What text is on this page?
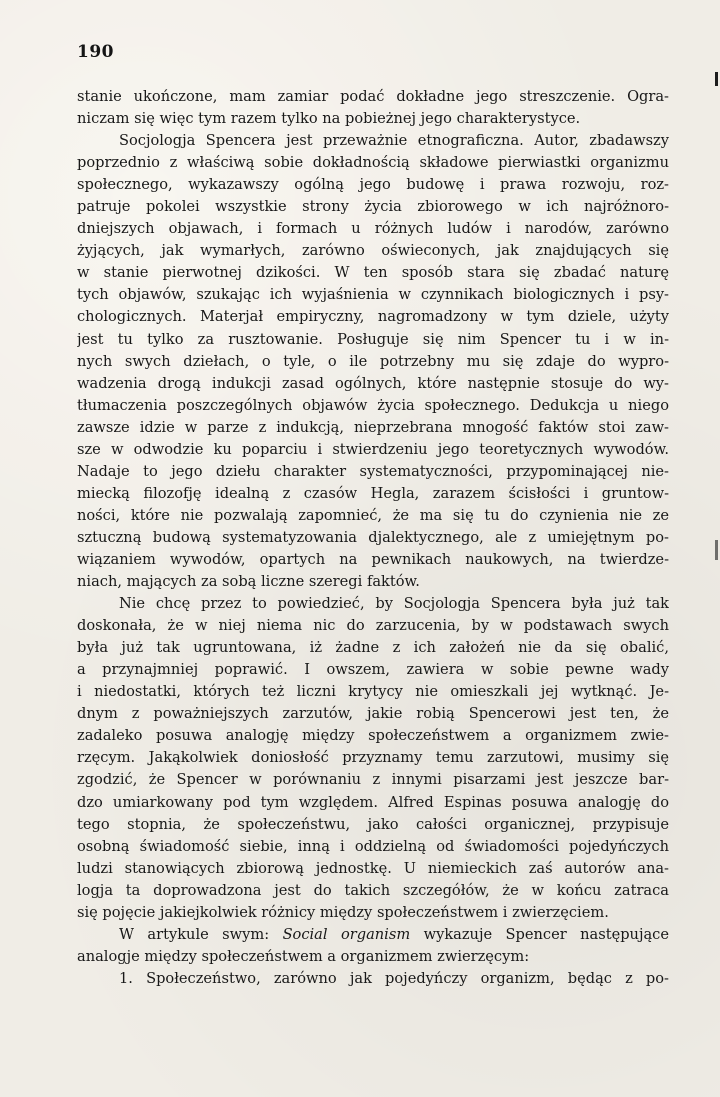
190
stanie ukończone, mam zamiar podać dokładne jego streszczenie. Ogra-
niczam się więc tym razem tylko na pobieżnej jego charakterystyce.
Socjologja Spencera jest przeważnie etnograficzna. Autor, zbadawszy
poprzednio z właściwą sobie dokładnością składowe pierwiastki organizmu
społecznego, wykazawszy ogólną jego budowę i prawa rozwoju, roz-
patruje pokolei wszystkie strony życia zbiorowego w ich najróżnoro-
dniejszych objawach, i formach u różnych ludów i narodów, zarówno
żyjących, jak wymarłych, zarówno oświeconych, jak znajdujących się
w stanie pierwotnej dzikości. W ten sposób stara się zbadać naturę
tych objawów, szukając ich wyjaśnienia w czynnikach biologicznych i psy-
chologicznych. Materjał empiryczny, nagromadzony w tym dziele, użyty
jest tu tylko za rusztowanie. Posługuje się nim Spencer tu i w in-
nych swych dziełach, o tyle, o ile potrzebny mu się zdaje do wypro-
wadzenia drogą indukcji zasad ogólnych, które następnie stosuje do wy-
tłumaczenia poszczególnych objawów życia społecznego. Dedukcja u niego
zawsze idzie w parze z indukcją, nieprzebrana mnogość faktów stoi zaw-
sze w odwodzie ku poparciu i stwierdzeniu jego teoretycznych wywodów.
Nadaje to jego dziełu charakter systematyczności, przypominającej nie-
miecką filozofję idealną z czasów Hegla, zarazem ścisłości i gruntow-
ności, które nie pozwalają zapomnieć, że ma się tu do czynienia nie ze
sztuczną budową systematyzowania djalektycznego, ale z umiejętnym po-
wiązaniem wywodów, opartych na pewnikach naukowych, na twierdze-
niach, mających za sobą liczne szeregi faktów.
Nie chcę przez to powiedzieć, by Socjologja Spencera była już tak
doskonała, że w niej niema nic do zarzucenia, by w podstawach swych
była już tak ugruntowana, iż żadne z ich założeń nie da się obalić,
a przynajmniej poprawić. I owszem, zawiera w sobie pewne wady
i niedostatki, których też liczni krytycy nie omieszkali jej wytknąć. Je-
dnym z poważniejszych zarzutów, jakie robią Spencerowi jest ten, że
zadaleko posuwa analogję między społeczeństwem a organizmem zwie-
rzęcym. Jakąkolwiek doniosłość przyznamy temu zarzutowi, musimy się
zgodzić, że Spencer w porównaniu z innymi pisarzami jest jeszcze bar-
dzo umiarkowany pod tym względem. Alfred Espinas posuwa analogję do
tego stopnia, że społeczeństwu, jako całości organicznej, przypisuje
osobną świadomość siebie, inną i oddzielną od świadomości pojedyńczych
ludzi stanowiących zbiorową jednostkę. U niemieckich zaś autorów ana-
logja ta doprowadzona jest do takich szczegółów, że w końcu zatraca
się pojęcie jakiejkolwiek różnicy między społeczeństwem i zwierzęciem.
W artykule swym: Social organism wykazuje Spencer następujące
analogje między społeczeństwem a organizmem zwierzęcym:
1. Społeczeństwo, zarówno jak pojedyńczy organizm, będąc z po-
